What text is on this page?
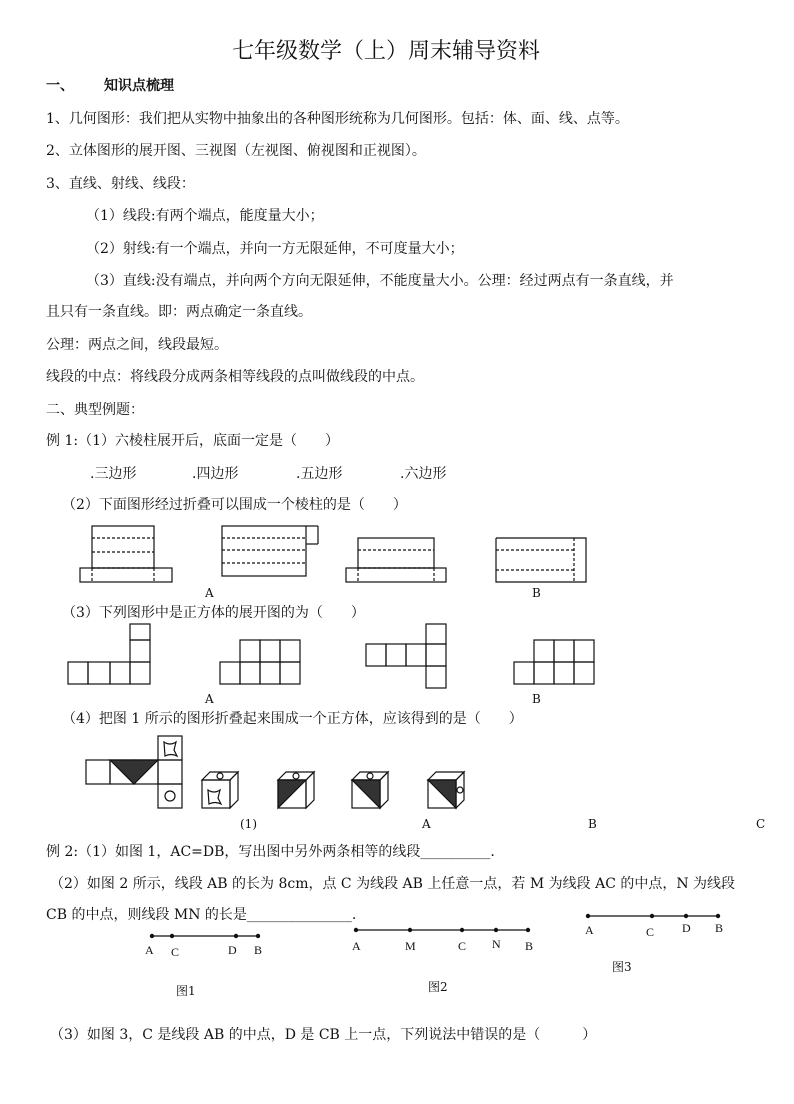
七年级数学（上）周末辅导资料
一、 知识点梳理
1、几何图形：我们把从实物中抽象出的各种图形统称为几何图形。包括：体、面、线、点等。
2、立体图形的展开图、三视图（左视图、俯视图和正视图）。
3、直线、射线、线段：
（1）线段:有两个端点，能度量大小；
（2）射线:有一个端点，并向一方无限延伸，不可度量大小；
（3）直线:没有端点，并向两个方向无限延伸，不能度量大小。公理：经过两点有一条直线，并
且只有一条直线。即：两点确定一条直线。
公理：两点之间，线段最短。
线段的中点：将线段分成两条相等线段的点叫做线段的中点。
二、典型例题：
例 1:（1）六棱柱展开后，底面一定是（　　）
.三边形	.四边形	.五边形	.六边形
（2）下面图形经过折叠可以围成一个棱柱的是（　　）
A	B
（3）下列图形中是正方体的展开图的为（　　）
A	B
（4）把图 1 所示的图形折叠起来围成一个正方体，应该得到的是（　　）
(1)	A	B	C
例 2:（1）如图 1，AC=DB，写出图中另外两条相等的线段__________.
（2）如图 2 所示，线段 AB 的长为 8cm，点 C 为线段 AB 上任意一点，若 M 为线段 AC 的中点，N 为线段
CB 的中点，则线段 MN 的长是_______________.
A C	D B	A	M	C N B
A	C D B
图1	图2
图3
（3）如图 3，C 是线段 AB 的中点，D 是 CB 上一点，下列说法中错误的是（　　　）
